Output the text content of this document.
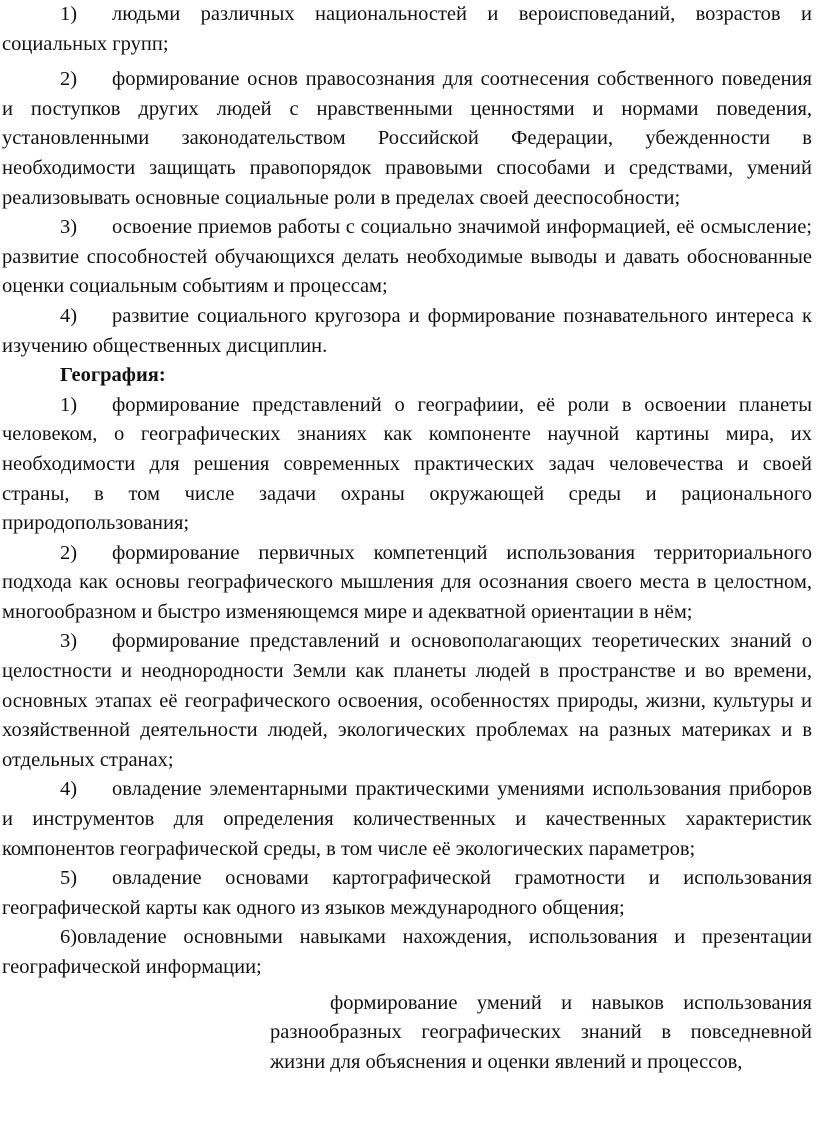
1) людьми различных национальностей и вероисповеданий, возрастов и социальных групп;

2) формирование основ правосознания для соотнесения собственного поведения и поступков других людей с нравственными ценностями и нормами поведения, установленными законодательством Российской Федерации, убежденности в необходимости защищать правопорядок правовыми способами и средствами, умений реализовывать основные социальные роли в пределах своей дееспособности;

3) освоение приемов работы с социально значимой информацией, её осмысление; развитие способностей обучающихся делать необходимые выводы и давать обоснованные оценки социальным событиям и процессам;

4) развитие социального кругозора и формирование познавательного интереса к изучению общественных дисциплин.

География:

1) формирование представлений о географиии, её роли в освоении планеты человеком, о географических знаниях как компоненте научной картины мира, их необходимости для решения современных практических задач человечества и своей страны, в том числе задачи охраны окружающей среды и рационального природопользования;

2) формирование первичных компетенций использования территориального подхода как основы географического мышления для осознания своего места в целостном, многообразном и быстро изменяющемся мире и адекватной ориентации в нём;

3) формирование представлений и основополагающих теоретических знаний о целостности и неоднородности Земли как планеты людей в пространстве и во времени, основных этапах её географического освоения, особенностях природы, жизни, культуры и хозяйственной деятельности людей, экологических проблемах на разных материках и в отдельных странах;

4) овладение элементарными практическими умениями использования приборов и инструментов для определения количественных и качественных характеристик компонентов географической среды, в том числе её экологических параметров;

5) овладение основами картографической грамотности и использования географической карты как одного из языков международного общения;

6)овладение основными навыками нахождения, использования и презентации географической информации;

формирование умений и навыков использования разнообразных географических знаний в повседневной жизни для объяснения и оценки явлений и процессов,
